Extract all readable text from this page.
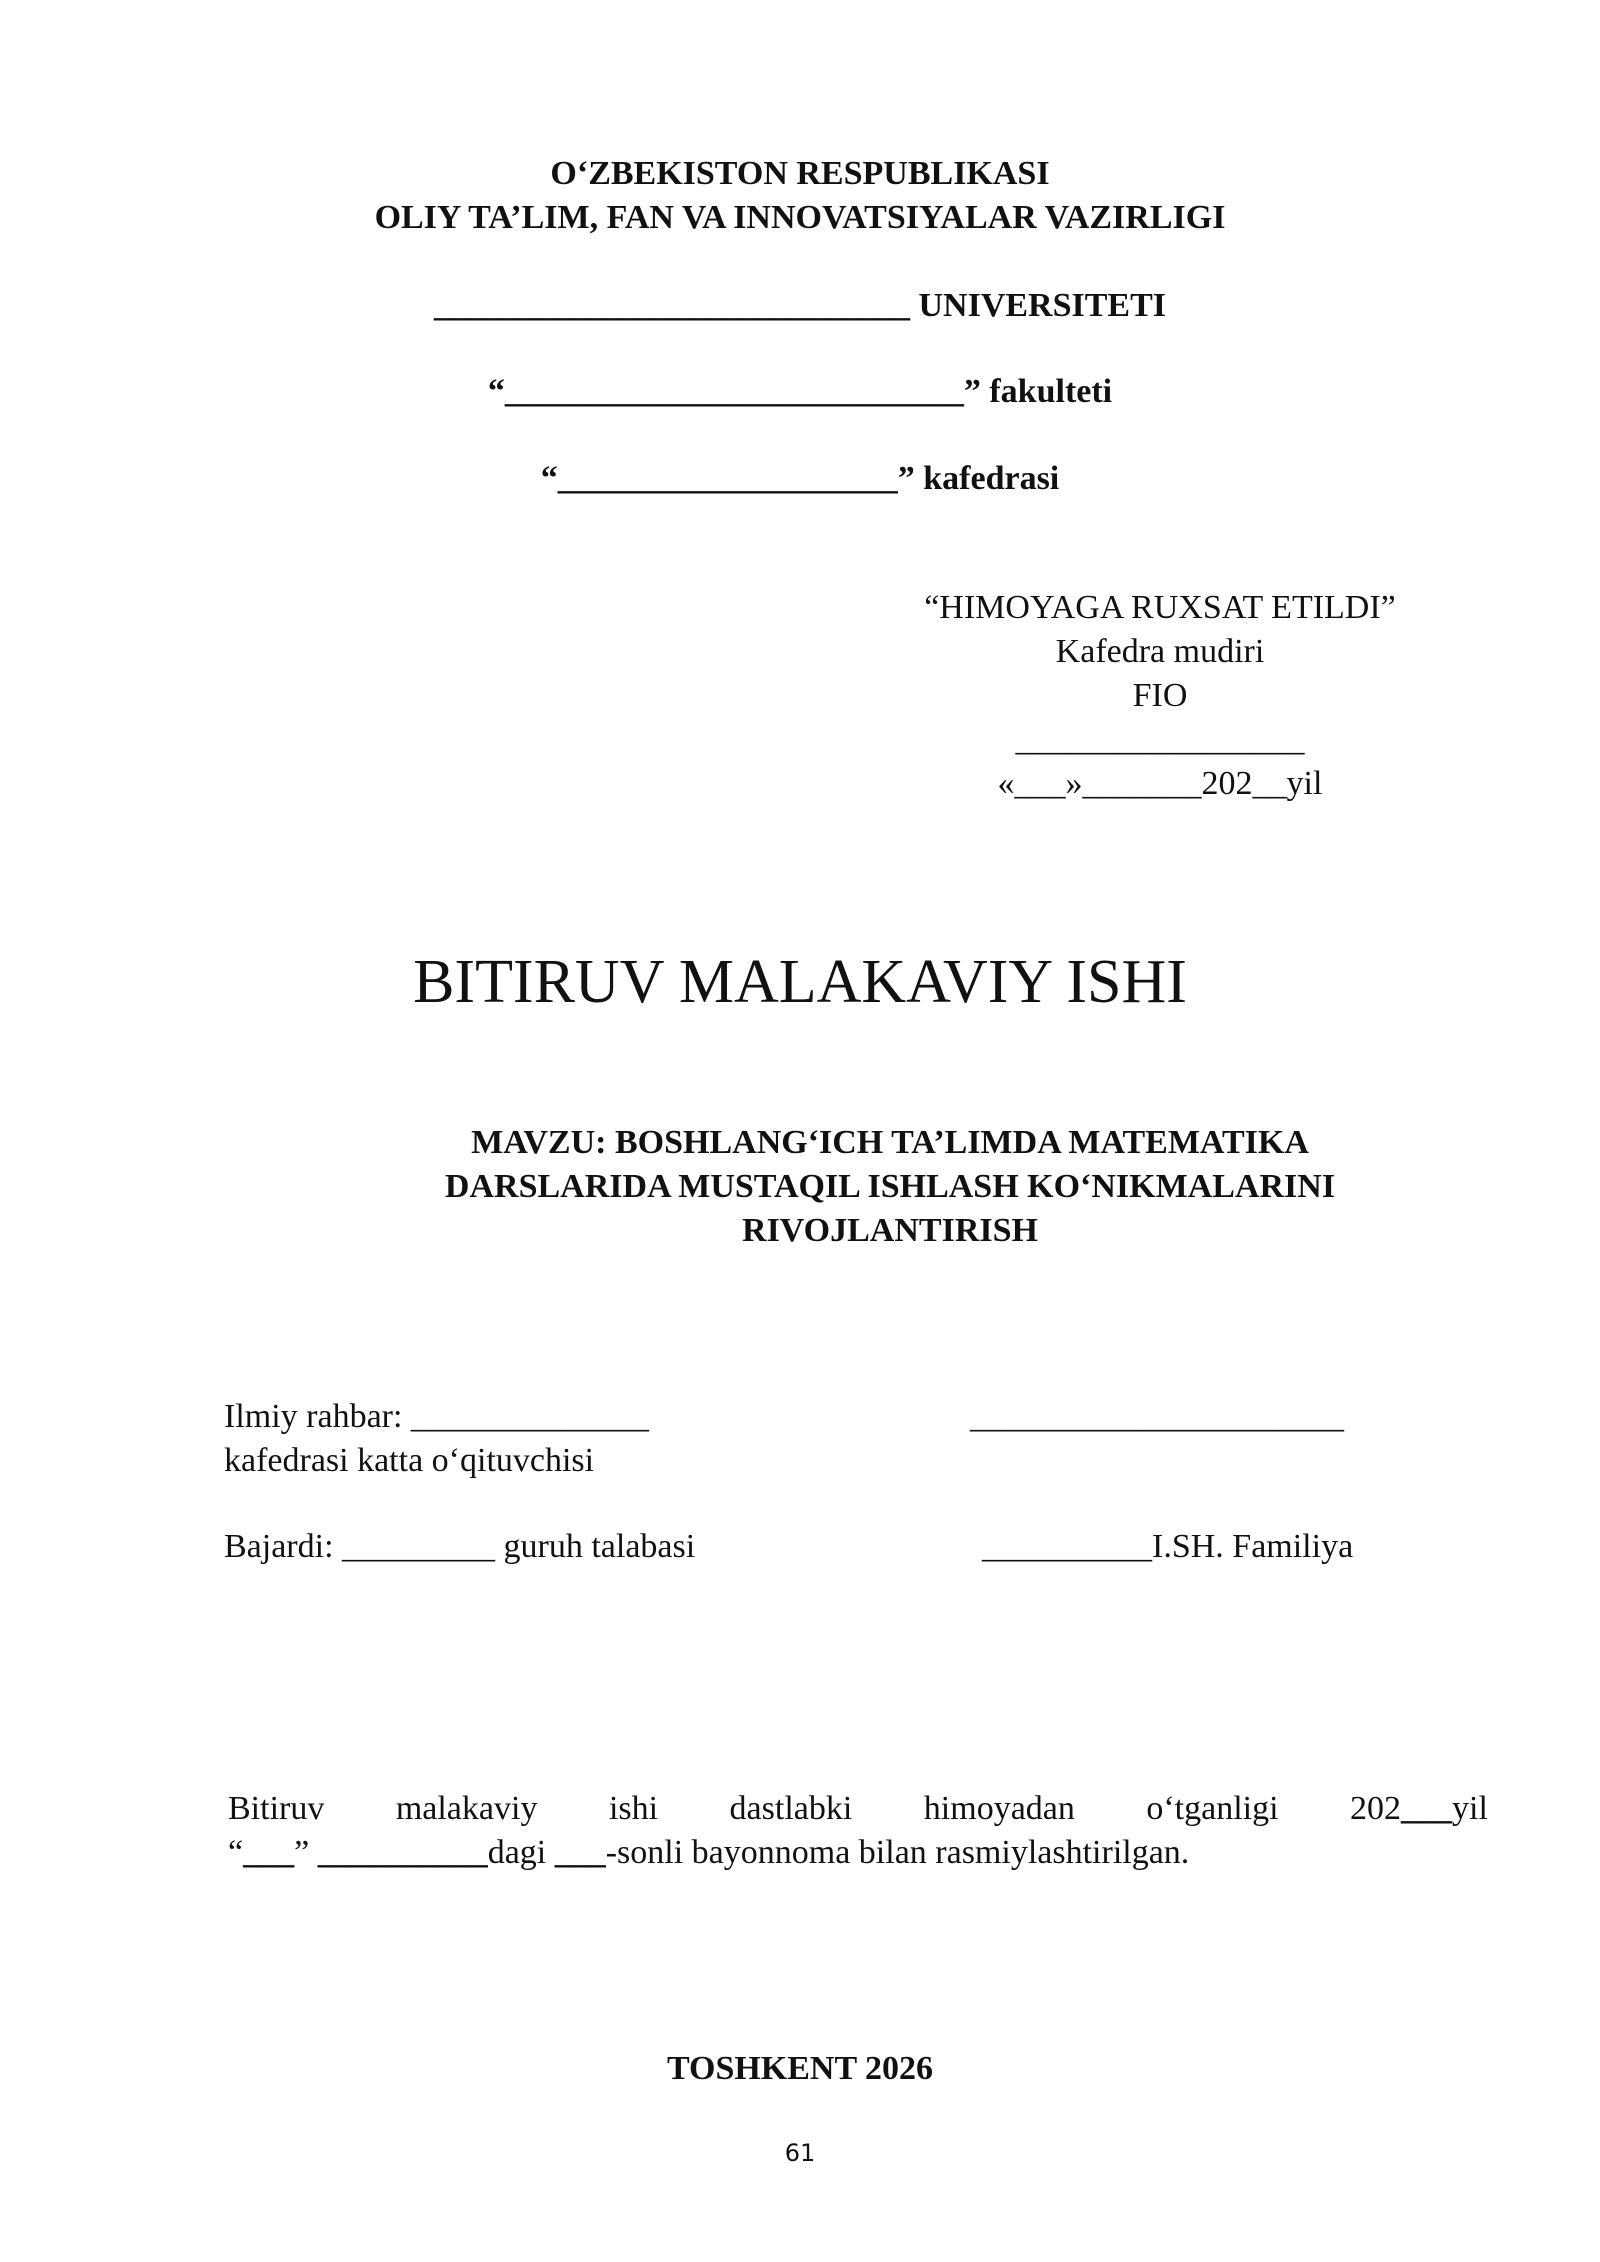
O‘ZBEKISTON RESPUBLIKASI
OLIY TA’LIM, FAN VA INNOVATSIYALAR VAZIRLIGI
____________________________ UNIVERSITETI
“___________________________” fakulteti
“____________________” kafedrasi
“HIMOYAGA RUXSAT ETILDI”
Kafedra mudiri
FIO
_________________
«___»_______202__yil
BITIRUV MALAKAVIY ISHI
MAVZU: BOSHLANG‘ICH TA’LIMDA MATEMATIKA
DARSLARIDA MUSTAQIL ISHLASH KO‘NIKMALARINI
RIVOJLANTIRISH
Ilmiy rahbar: ______________	______________________
kafedrasi katta o‘qituvchisi
Bajardi: _________ guruh talabasi	__________I.SH. Familiya
Bitiruv malakaviy ishi dastlabki himoyadan o‘tganligi 202___yil
“___” __________dagi ___-sonli bayonnoma bilan rasmiylashtirilgan.
TOSHKENT 2026
61
